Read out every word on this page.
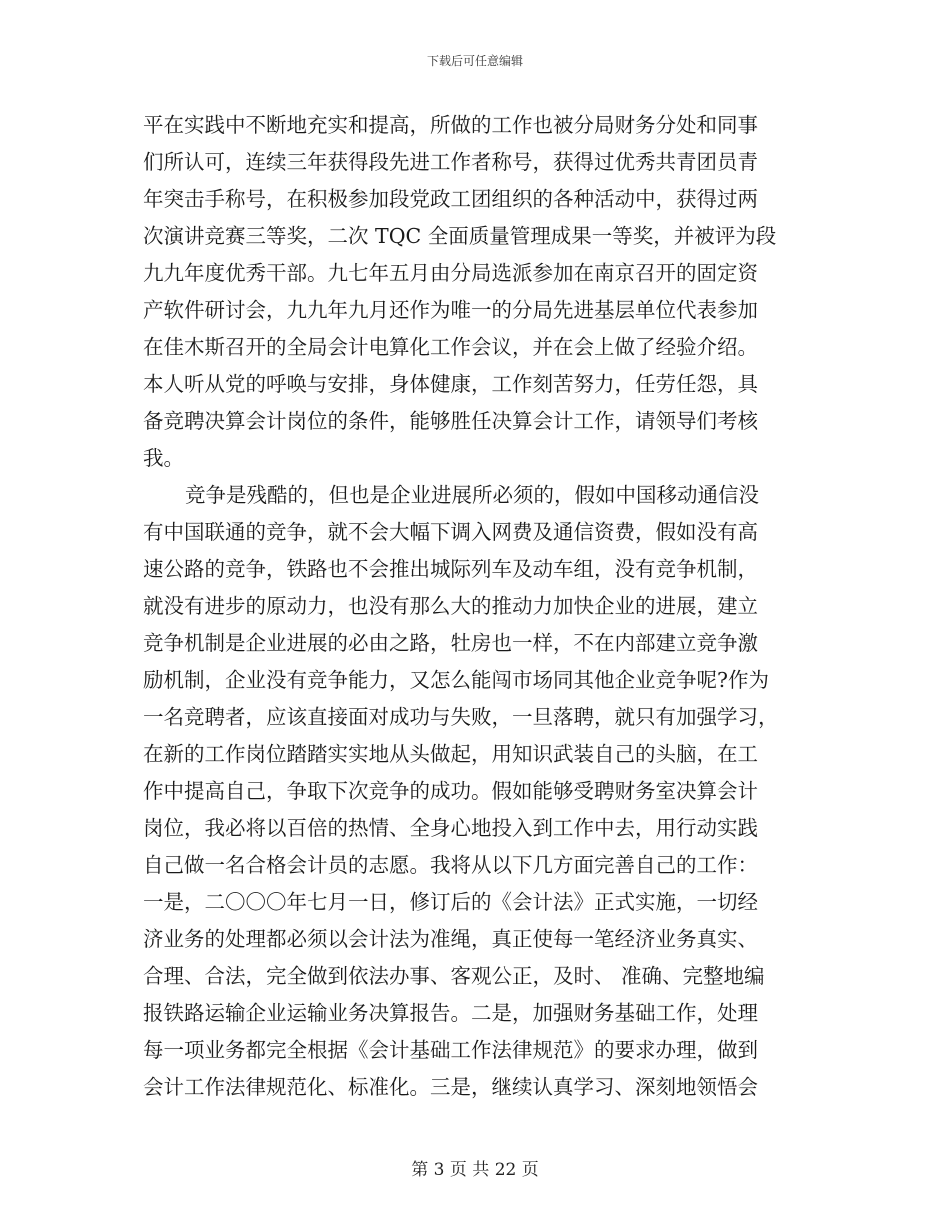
下载后可任意编辑
平在实践中不断地充实和提高，所做的工作也被分局财务分处和同事
们所认可，连续三年获得段先进工作者称号，获得过优秀共青团员青
年突击手称号，在积极参加段党政工团组织的各种活动中，获得过两
次演讲竞赛三等奖，二次 TQC 全面质量管理成果一等奖，并被评为段
九九年度优秀干部。九七年五月由分局选派参加在南京召开的固定资
产软件研讨会，九九年九月还作为唯一的分局先进基层单位代表参加
在佳木斯召开的全局会计电算化工作会议，并在会上做了经验介绍。
本人听从党的呼唤与安排，身体健康，工作刻苦努力，任劳任怨，具
备竞聘决算会计岗位的条件，能够胜任决算会计工作，请领导们考核
我。
竞争是残酷的，但也是企业进展所必须的，假如中国移动通信没
有中国联通的竞争，就不会大幅下调入网费及通信资费，假如没有高
速公路的竞争，铁路也不会推出城际列车及动车组，没有竞争机制，
就没有进步的原动力，也没有那么大的推动力加快企业的进展，建立
竞争机制是企业进展的必由之路，牡房也一样，不在内部建立竞争激
励机制，企业没有竞争能力，又怎么能闯市场同其他企业竞争呢?作为
一名竞聘者，应该直接面对成功与失败，一旦落聘，就只有加强学习，
在新的工作岗位踏踏实实地从头做起，用知识武装自己的头脑，在工
作中提高自己，争取下次竞争的成功。假如能够受聘财务室决算会计
岗位，我必将以百倍的热情、全身心地投入到工作中去，用行动实践
自己做一名合格会计员的志愿。我将从以下几方面完善自己的工作：
一是，二〇〇〇年七月一日，修订后的《会计法》正式实施，一切经
济业务的处理都必须以会计法为准绳，真正使每一笔经济业务真实、
合理、合法，完全做到依法办事、客观公正，及时、 准确、完整地编
报铁路运输企业运输业务决算报告。二是，加强财务基础工作，处理
每一项业务都完全根据《会计基础工作法律规范》的要求办理，做到
会计工作法律规范化、标准化。三是，继续认真学习、深刻地领悟会
第 3 页 共 22 页
